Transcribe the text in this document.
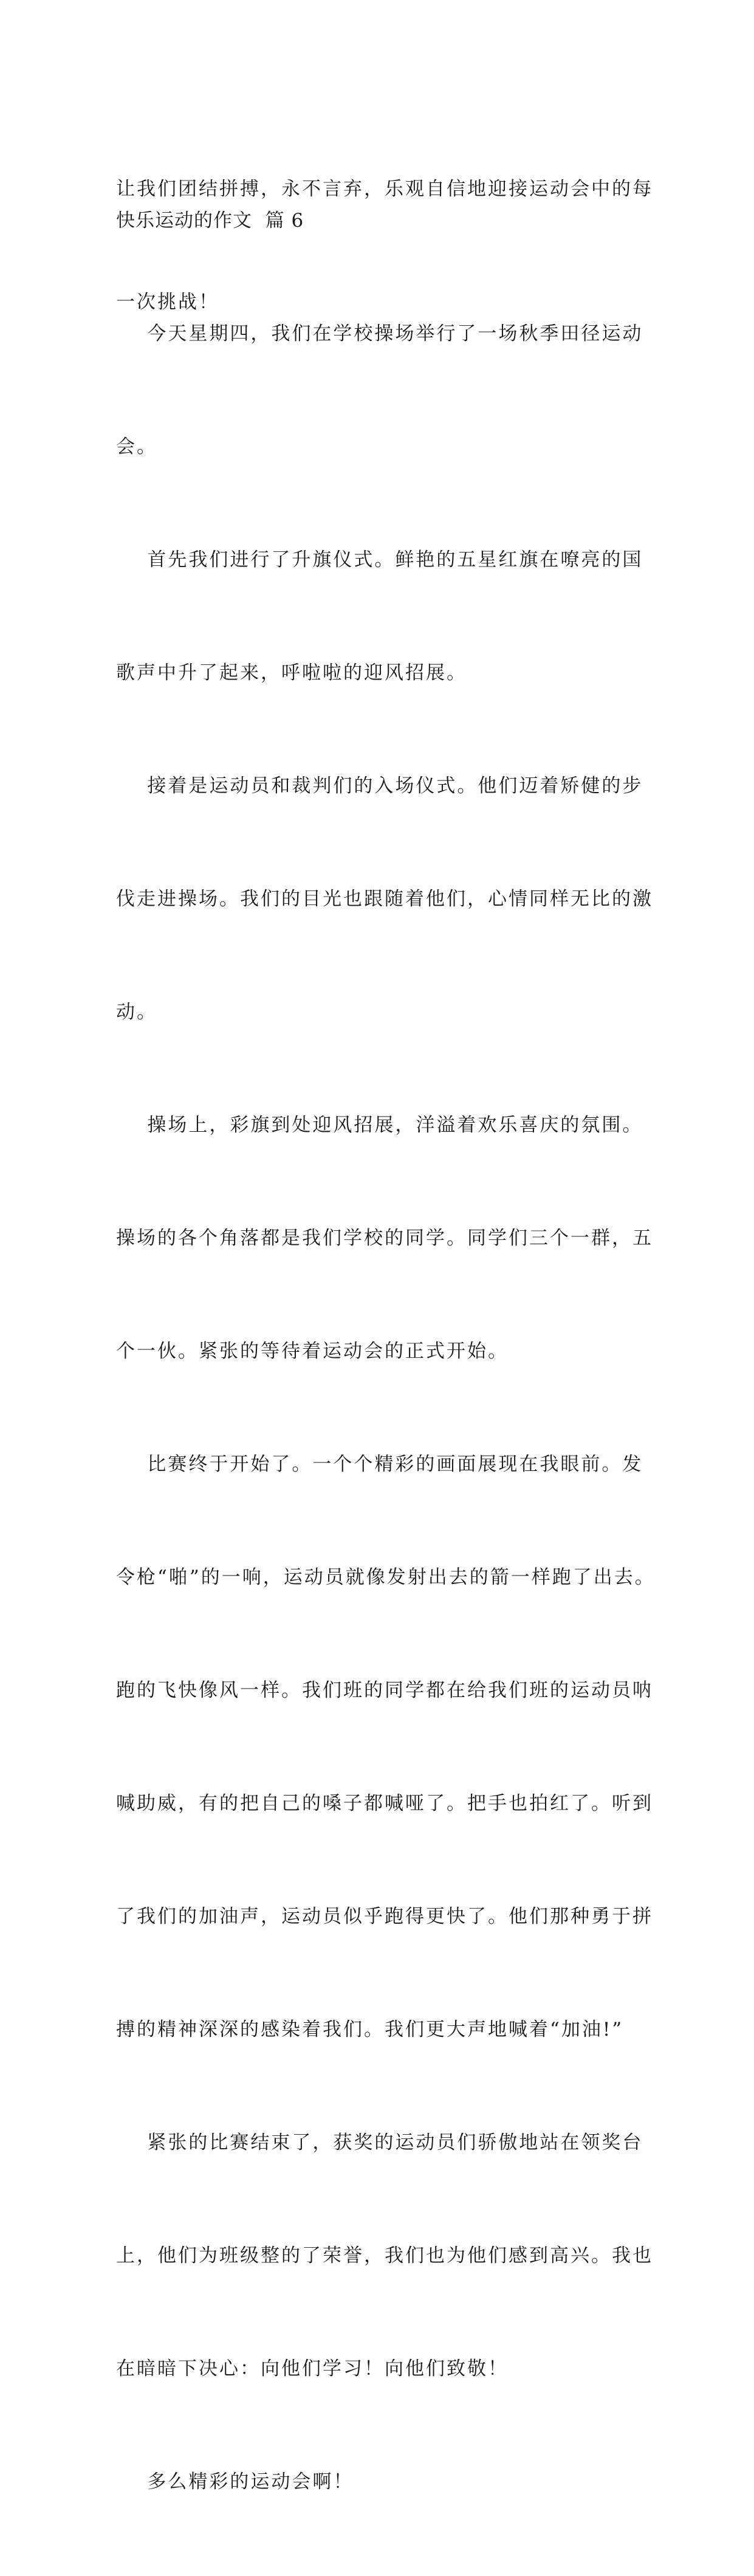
让我们团结拼搏，永不言弃，乐观自信地迎接运动会中的每

一次挑战！

快乐运动的作文  篇 6

今天星期四，我们在学校操场举行了一场秋季田径运动

会。

首先我们进行了升旗仪式。鲜艳的五星红旗在嘹亮的国

歌声中升了起来，呼啦啦的迎风招展。

接着是运动员和裁判们的入场仪式。他们迈着矫健的步

伐走进操场。我们的目光也跟随着他们，心情同样无比的激

动。

操场上，彩旗到处迎风招展，洋溢着欢乐喜庆的氛围。

操场的各个角落都是我们学校的同学。同学们三个一群，五

个一伙。紧张的等待着运动会的正式开始。

比赛终于开始了。一个个精彩的画面展现在我眼前。发

令枪“啪”的一响，运动员就像发射出去的箭一样跑了出去。

跑的飞快像风一样。我们班的同学都在给我们班的运动员呐

喊助威，有的把自己的嗓子都喊哑了。把手也拍红了。听到

了我们的加油声，运动员似乎跑得更快了。他们那种勇于拼

搏的精神深深的感染着我们。我们更大声地喊着“加油!”

紧张的比赛结束了，获奖的运动员们骄傲地站在领奖台

上，他们为班级整的了荣誉，我们也为他们感到高兴。我也

在暗暗下决心：向他们学习！向他们致敬！

多么精彩的运动会啊！
